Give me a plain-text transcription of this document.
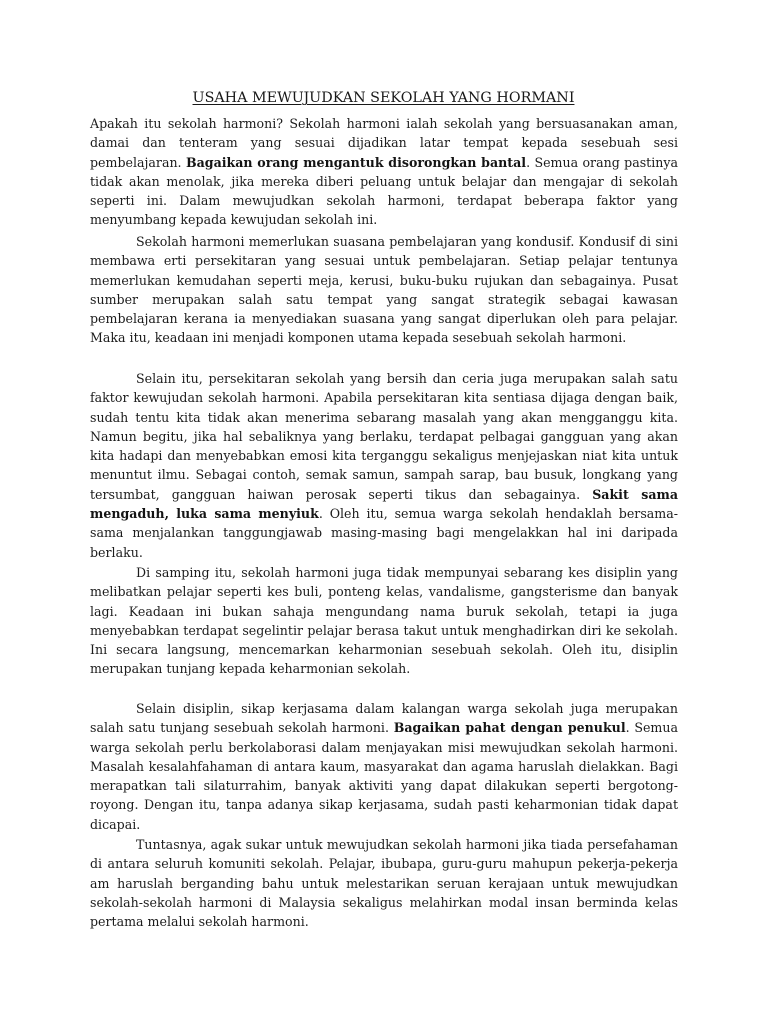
USAHA MEWUJUDKAN SEKOLAH YANG HORMANI

Apakah itu sekolah harmoni? Sekolah harmoni ialah sekolah yang bersuasanakan aman, damai dan tenteram yang sesuai dijadikan latar tempat kepada sesebuah sesi pembelajaran. Bagaikan orang mengantuk disorongkan bantal. Semua orang pastinya tidak akan menolak, jika mereka diberi peluang untuk belajar dan mengajar di sekolah seperti ini. Dalam mewujudkan sekolah harmoni, terdapat beberapa faktor yang menyumbang kepada kewujudan sekolah ini.

Sekolah harmoni memerlukan suasana pembelajaran yang kondusif. Kondusif di sini membawa erti persekitaran yang sesuai untuk pembelajaran. Setiap pelajar tentunya memerlukan kemudahan seperti meja, kerusi, buku-buku rujukan dan sebagainya. Pusat sumber merupakan salah satu tempat yang sangat strategik sebagai kawasan pembelajaran kerana ia menyediakan suasana yang sangat diperlukan oleh para pelajar. Maka itu, keadaan ini menjadi komponen utama kepada sesebuah sekolah harmoni.

Selain itu, persekitaran sekolah yang bersih dan ceria juga merupakan salah satu faktor kewujudan sekolah harmoni. Apabila persekitaran kita sentiasa dijaga dengan baik, sudah tentu kita tidak akan menerima sebarang masalah yang akan mengganggu kita. Namun begitu, jika hal sebaliknya yang berlaku, terdapat pelbagai gangguan yang akan kita hadapi dan menyebabkan emosi kita terganggu sekaligus menjejaskan niat kita untuk menuntut ilmu. Sebagai contoh, semak samun, sampah sarap, bau busuk, longkang yang tersumbat, gangguan haiwan perosak seperti tikus dan sebagainya. Sakit sama mengaduh, luka sama menyiuk. Oleh itu, semua warga sekolah hendaklah bersama-sama menjalankan tanggungjawab masing-masing bagi mengelakkan hal ini daripada berlaku.

Di samping itu, sekolah harmoni juga tidak mempunyai sebarang kes disiplin yang melibatkan pelajar seperti kes buli, ponteng kelas, vandalisme, gangsterisme dan banyak lagi. Keadaan ini bukan sahaja mengundang nama buruk sekolah, tetapi ia juga menyebabkan terdapat segelintir pelajar berasa takut untuk menghadirkan diri ke sekolah. Ini secara langsung, mencemarkan keharmonian sesebuah sekolah. Oleh itu, disiplin merupakan tunjang kepada keharmonian sekolah.

Selain disiplin, sikap kerjasama dalam kalangan warga sekolah juga merupakan salah satu tunjang sesebuah sekolah harmoni. Bagaikan pahat dengan penukul. Semua warga sekolah perlu berkolaborasi dalam menjayakan misi mewujudkan sekolah harmoni. Masalah kesalahfahaman di antara kaum, masyarakat dan agama haruslah dielakkan. Bagi merapatkan tali silaturrahim, banyak aktiviti yang dapat dilakukan seperti bergotong-royong. Dengan itu, tanpa adanya sikap kerjasama, sudah pasti keharmonian tidak dapat dicapai.

Tuntasnya, agak sukar untuk mewujudkan sekolah harmoni jika tiada persefahaman di antara seluruh komuniti sekolah. Pelajar, ibubapa, guru-guru mahupun pekerja-pekerja am haruslah berganding bahu untuk melestarikan seruan kerajaan untuk mewujudkan sekolah-sekolah harmoni di Malaysia sekaligus melahirkan modal insan berminda kelas pertama melalui sekolah harmoni.
